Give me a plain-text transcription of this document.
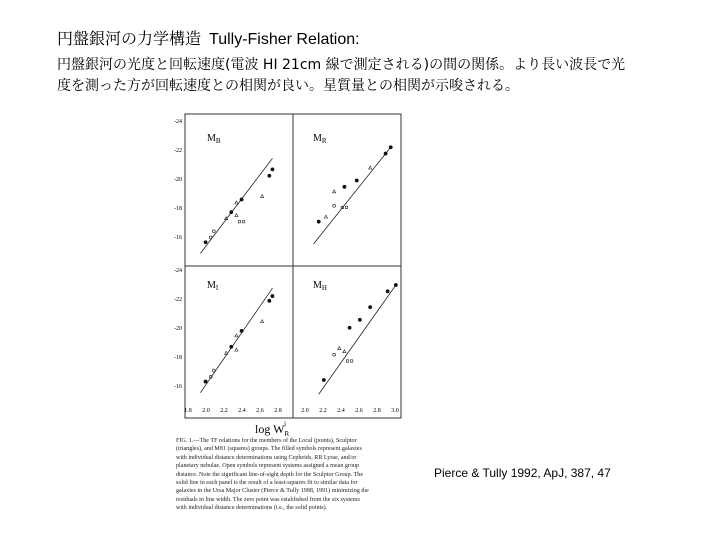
円盤銀河の力学構造 Tully-Fisher Relation:

円盤銀河の光度と回転速度(電波 HI 21cm 線で測定される)の間の関係。より長い波長で光

度を測った方が回転速度との相関が良い。星質量との相関が示唆される。

$M_B$	$M_R$
$M_I$	$M_H$
-24
-22
-20
-18
-16
-24
-22
-20
-18
-16
1.8 2.0 2.2 2.4 2.6 2.8	2.0 2.2 2.4 2.6 2.8 3.0
$\log W_Ri$

FIG. 1.—The TF relations for the members of the Local (points), Sculptor

(triangles), and M81 (squares) groups. The filled symbols represent galaxies

with individual distance determinations using Cepheids, RR Lyrae, and/or

planetary nebulae. Open symbols represent systems assigned a mean group

distance. Note the significant line-of-sight depth for the Sculptor Group. The

solid line in each panel is the result of a least-squares fit to similar data for

galaxies in the Ursa Major Cluster (Pierce & Tully 1988, 1991) minimizing the

residuals in line width. The zero point was established from the six systems

with individual distance determinations (i.e., the solid points).

Pierce & Tully 1992, ApJ, 387, 47
